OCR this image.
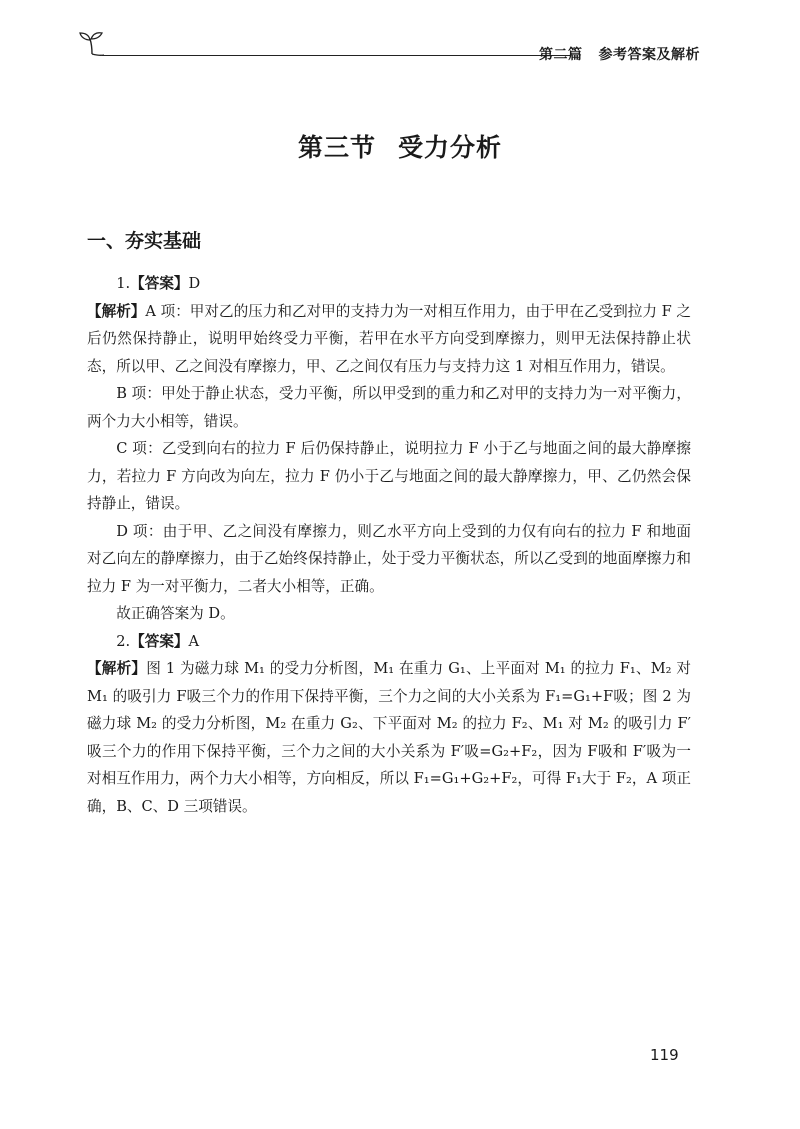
第二篇 参考答案及解析
第三节 受力分析
一、夯实基础

1.【答案】D

【解析】A 项：甲对乙的压力和乙对甲的支持力为一对相互作用力，由于甲在乙受到拉力 F 之后仍然保持静止，说明甲始终受力平衡，若甲在水平方向受到摩擦力，则甲无法保持静止状态，所以甲、乙之间没有摩擦力，甲、乙之间仅有压力与支持力这 1 对相互作用力，错误。

B 项：甲处于静止状态，受力平衡，所以甲受到的重力和乙对甲的支持力为一对平衡力，两个力大小相等，错误。

C 项：乙受到向右的拉力 F 后仍保持静止，说明拉力 F 小于乙与地面之间的最大静摩擦力，若拉力 F 方向改为向左，拉力 F 仍小于乙与地面之间的最大静摩擦力，甲、乙仍然会保持静止，错误。

D 项：由于甲、乙之间没有摩擦力，则乙水平方向上受到的力仅有向右的拉力 F 和地面对乙向左的静摩擦力，由于乙始终保持静止，处于受力平衡状态，所以乙受到的地面摩擦力和拉力 F 为一对平衡力，二者大小相等，正确。

故正确答案为 D。

2.【答案】A

【解析】图 1 为磁力球 M₁ 的受力分析图，M₁ 在重力 G₁、上平面对 M₁ 的拉力 F₁、M₂ 对 M₁ 的吸引力 F吸三个力的作用下保持平衡，三个力之间的大小关系为 F₁=G₁+F吸；图 2 为磁力球 M₂ 的受力分析图，M₂ 在重力 G₂、下平面对 M₂ 的拉力 F₂、M₁ 对 M₂ 的吸引力 F′吸三个力的作用下保持平衡，三个力之间的大小关系为 F′吸=G₂+F₂，因为 F吸和 F′吸为一对相互作用力，两个力大小相等，方向相反，所以 F₁=G₁+G₂+F₂，可得 F₁大于 F₂，A 项正确，B、C、D 三项错误。

119
